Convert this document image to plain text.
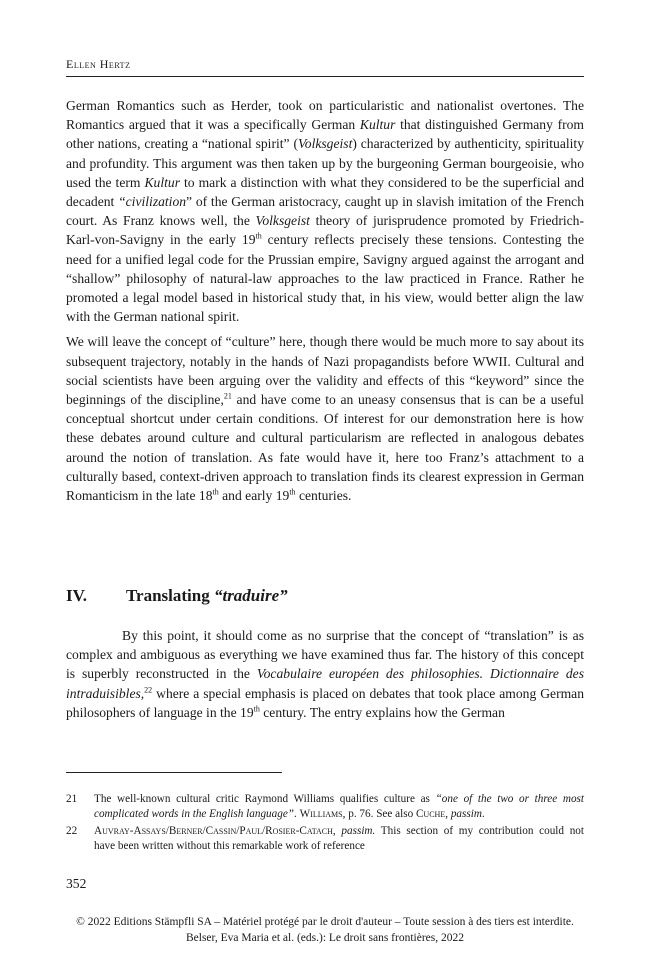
Ellen Hertz

German Romantics such as Herder, took on particularistic and nationalist overtones. The Romantics argued that it was a specifically German Kultur that distinguished Germany from other nations, creating a “national spirit” (Volksgeist) characterized by authenticity, spirituality and profundity. This argument was then taken up by the burgeoning German bourgeoisie, who used the term Kultur to mark a distinction with what they considered to be the superficial and decadent “civilization” of the German aristocracy, caught up in slavish imitation of the French court. As Franz knows well, the Volksgeist theory of jurisprudence promoted by Friedrich-Karl-von-Savigny in the early 19th century reflects precisely these tensions. Contesting the need for a unified legal code for the Prussian empire, Savigny argued against the arrogant and “shallow” philosophy of natural-law approaches to the law practiced in France. Rather he promoted a legal model based in historical study that, in his view, would better align the law with the German national spirit.

We will leave the concept of “culture” here, though there would be much more to say about its subsequent trajectory, notably in the hands of Nazi propagandists before WWII. Cultural and social scientists have been arguing over the validity and effects of this “keyword” since the beginnings of the discipline,$^{21}$ and have come to an uneasy consensus that is can be a useful conceptual shortcut under certain conditions. Of interest for our demonstration here is how these debates around culture and cultural particularism are reflected in analogous debates around the notion of translation. As fate would have it, here too Franz’s attachment to a culturally based, context-driven approach to translation finds its clearest expression in German Romanticism in the late 18th and early 19th centuries.

IV. Translating “traduire”

By this point, it should come as no surprise that the concept of “translation” is as complex and ambiguous as everything we have examined thus far. The history of this concept is superbly reconstructed in the Vocabulaire européen des philosophies. Dictionnaire des intraduisibles,$^{22}$ where a special emphasis is placed on debates that took place among German philosophers of language in the 19th century. The entry explains how the German

21	The well-known cultural critic Raymond Williams qualifies culture as “one of the two or three most complicated words in the English language”. Williams, p. 76. See also Cuche, passim.
22	Auvray-Assays/Berner/Cassin/Paul/Rosier-Catach, passim. This section of my contribution could not have been written without this remarkable work of reference
352
© 2022 Editions Stämpfli SA – Matériel protégé par le droit d'auteur – Toute session à des tiers est interdite.
Belser, Eva Maria et al. (eds.): Le droit sans frontières, 2022
